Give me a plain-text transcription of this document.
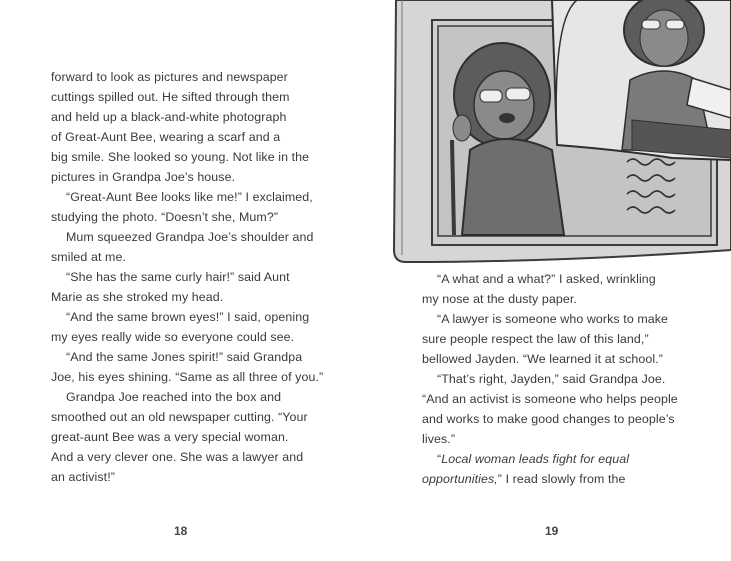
forward to look as pictures and newspaper
cuttings spilled out. He sifted through them
and held up a black-and-white photograph
of Great-Aunt Bee, wearing a scarf and a
big smile. She looked so young. Not like in the
pictures in Grandpa Joe’s house.
“Great-Aunt Bee looks like me!” I exclaimed,
studying the photo. “Doesn’t she, Mum?”
Mum squeezed Grandpa Joe’s shoulder and
smiled at me.
“She has the same curly hair!” said Aunt
Marie as she stroked my head.
“And the same brown eyes!” I said, opening
my eyes really wide so everyone could see.
“And the same Jones spirit!” said Grandpa
Joe, his eyes shining. “Same as all three of you.”
Grandpa Joe reached into the box and
smoothed out an old newspaper cutting. “Your
great-aunt Bee was a very special woman.
And a very clever one. She was a lawyer and
an activist!”
18
“A what and a what?” I asked, wrinkling
my nose at the dusty paper.
“A lawyer is someone who works to make
sure people respect the law of this land,”
bellowed Jayden. “We learned it at school.”
“That’s right, Jayden,” said Grandpa Joe.
“And an activist is someone who helps people
and works to make good changes to people’s
lives.”
“Local woman leads fight for equal
opportunities,” I read slowly from the
19
